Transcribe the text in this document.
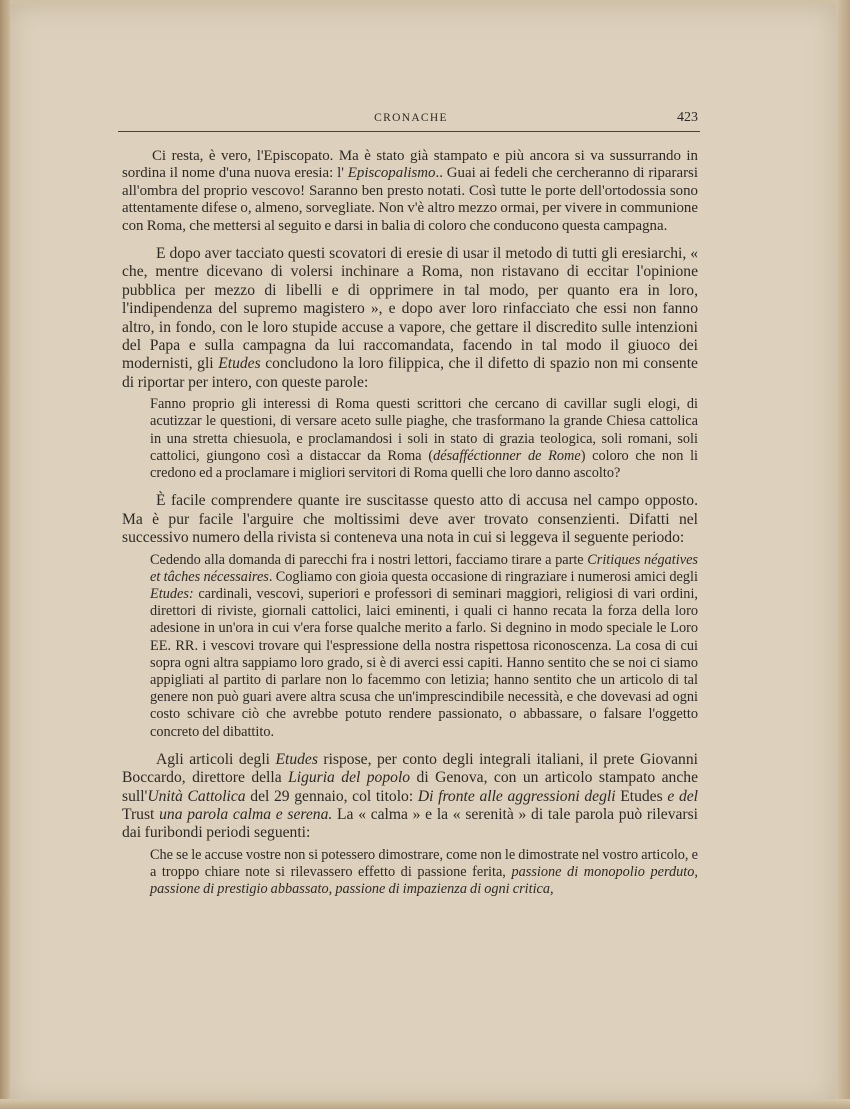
CRONACHE	423

Ci resta, è vero, l'Episcopato. Ma è stato già stampato e più ancora si va sussurrando in sordina il nome d'una nuova eresia: l' Episcopalismo.. Guai ai fedeli che cercheranno di ripararsi all'ombra del proprio vescovo! Saranno ben presto notati. Così tutte le porte dell'ortodossia sono attentamente difese o, almeno, sorvegliate. Non v'è altro mezzo ormai, per vivere in communione con Roma, che mettersi al seguito e darsi in balia di coloro che conducono questa campagna.

E dopo aver tacciato questi scovatori di eresie di usar il metodo di tutti gli eresiarchi, « che, mentre dicevano di volersi inchinare a Roma, non ristavano di eccitar l'opinione pubblica per mezzo di libelli e di opprimere in tal modo, per quanto era in loro, l'indipendenza del supremo magistero », e dopo aver loro rinfacciato che essi non fanno altro, in fondo, con le loro stupide accuse a vapore, che gettare il discredito sulle intenzioni del Papa e sulla campagna da lui raccomandata, facendo in tal modo il giuoco dei modernisti, gli Etudes concludono la loro filippica, che il difetto di spazio non mi consente di riportar per intero, con queste parole:

Fanno proprio gli interessi di Roma questi scrittori che cercano di cavillar sugli elogi, di acutizzar le questioni, di versare aceto sulle piaghe, che trasformano la grande Chiesa cattolica in una stretta chiesuola, e proclamandosi i soli in stato di grazia teologica, soli romani, soli cattolici, giungono così a distaccar da Roma (désafféctionner de Rome) coloro che non li credono ed a proclamare i migliori servitori di Roma quelli che loro danno ascolto?

È facile comprendere quante ire suscitasse questo atto di accusa nel campo opposto. Ma è pur facile l'arguire che moltissimi deve aver trovato consenzienti. Difatti nel successivo numero della rivista si conteneva una nota in cui si leggeva il seguente periodo:

Cedendo alla domanda di parecchi fra i nostri lettori, facciamo tirare a parte Critiques négatives et tâches nécessaires. Cogliamo con gioia questa occasione di ringraziare i numerosi amici degli Etudes: cardinali, vescovi, superiori e professori di seminari maggiori, religiosi di vari ordini, direttori di riviste, giornali cattolici, laici eminenti, i quali ci hanno recata la forza della loro adesione in un'ora in cui v'era forse qualche merito a farlo. Si degnino in modo speciale le Loro EE. RR. i vescovi trovare qui l'espressione della nostra rispettosa riconoscenza. La cosa di cui sopra ogni altra sappiamo loro grado, si è di averci essi capiti. Hanno sentito che se noi ci siamo appigliati al partito di parlare non lo facemmo con letizia; hanno sentito che un articolo di tal genere non può guari avere altra scusa che un'imprescindibile necessità, e che dovevasi ad ogni costo schivare ciò che avrebbe potuto rendere passionato, o abbassare, o falsare l'oggetto concreto del dibattito.

Agli articoli degli Etudes rispose, per conto degli integrali italiani, il prete Giovanni Boccardo, direttore della Liguria del popolo di Genova, con un articolo stampato anche sull'Unità Cattolica del 29 gennaio, col titolo: Di fronte alle aggressioni degli Etudes e del Trust una parola calma e serena. La « calma » e la « serenità » di tale parola può rilevarsi dai furibondi periodi seguenti:

Che se le accuse vostre non si potessero dimostrare, come non le dimostrate nel vostro articolo, e a troppo chiare note si rilevassero effetto di passione ferita, passione di monopolio perduto, passione di prestigio abbassato, passione di impazienza di ogni critica,
